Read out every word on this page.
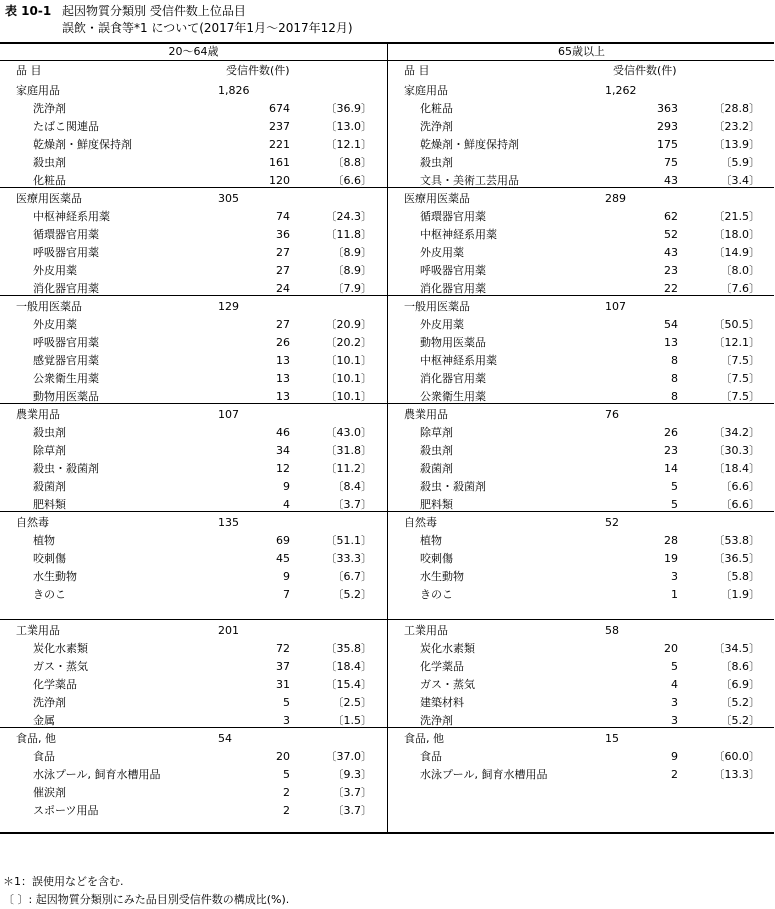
表 10-1 起因物質分類別 受信件数上位品目
誤飲・誤食等*1 について(2017年1月～2017年12月)
20～64歳
品 目	受信件数(件)
家庭用品	1,826
洗浄剤	674	〔36.9〕
たばこ関連品	237	〔13.0〕
乾燥剤・鮮度保持剤	221	〔12.1〕
殺虫剤	161	〔8.8〕
化粧品	120	〔6.6〕
医療用医薬品	305
中枢神経系用薬	74	〔24.3〕
循環器官用薬	36	〔11.8〕
呼吸器官用薬	27	〔8.9〕
外皮用薬	27	〔8.9〕
消化器官用薬	24	〔7.9〕
一般用医薬品	129
外皮用薬	27	〔20.9〕
呼吸器官用薬	26	〔20.2〕
感覚器官用薬	13	〔10.1〕
公衆衛生用薬	13	〔10.1〕
動物用医薬品	13	〔10.1〕
農業用品	107
殺虫剤	46	〔43.0〕
除草剤	34	〔31.8〕
殺虫・殺菌剤	12	〔11.2〕
殺菌剤	9	〔8.4〕
肥料類	4	〔3.7〕
自然毒	135
植物	69	〔51.1〕
咬刺傷	45	〔33.3〕
水生動物	9	〔6.7〕
きのこ	7	〔5.2〕
工業用品	201
炭化水素類	72	〔35.8〕
ガス・蒸気	37	〔18.4〕
化学薬品	31	〔15.4〕
洗浄剤	5	〔2.5〕
金属	3	〔1.5〕
食品, 他	54
食品	20	〔37.0〕
水泳プール, 飼育水槽用品	5	〔9.3〕
催涙剤	2	〔3.7〕
スポーツ用品	2	〔3.7〕
65歳以上
品 目	受信件数(件)
家庭用品	1,262
化粧品	363	〔28.8〕
洗浄剤	293	〔23.2〕
乾燥剤・鮮度保持剤	175	〔13.9〕
殺虫剤	75	〔5.9〕
文具・美術工芸用品	43	〔3.4〕
医療用医薬品	289
循環器官用薬	62	〔21.5〕
中枢神経系用薬	52	〔18.0〕
外皮用薬	43	〔14.9〕
呼吸器官用薬	23	〔8.0〕
消化器官用薬	22	〔7.6〕
一般用医薬品	107
外皮用薬	54	〔50.5〕
動物用医薬品	13	〔12.1〕
中枢神経系用薬	8	〔7.5〕
消化器官用薬	8	〔7.5〕
公衆衛生用薬	8	〔7.5〕
農業用品	76
除草剤	26	〔34.2〕
殺虫剤	23	〔30.3〕
殺菌剤	14	〔18.4〕
殺虫・殺菌剤	5	〔6.6〕
肥料類	5	〔6.6〕
自然毒	52
植物	28	〔53.8〕
咬刺傷	19	〔36.5〕
水生動物	3	〔5.8〕
きのこ	1	〔1.9〕
工業用品	58
炭化水素類	20	〔34.5〕
化学薬品	5	〔8.6〕
ガス・蒸気	4	〔6.9〕
建築材料	3	〔5.2〕
洗浄剤	3	〔5.2〕
食品, 他	15
食品	9	〔60.0〕
水泳プール, 飼育水槽用品	2	〔13.3〕
＊1：誤使用などを含む.
〔 〕: 起因物質分類別にみた品目別受信件数の構成比(%).
